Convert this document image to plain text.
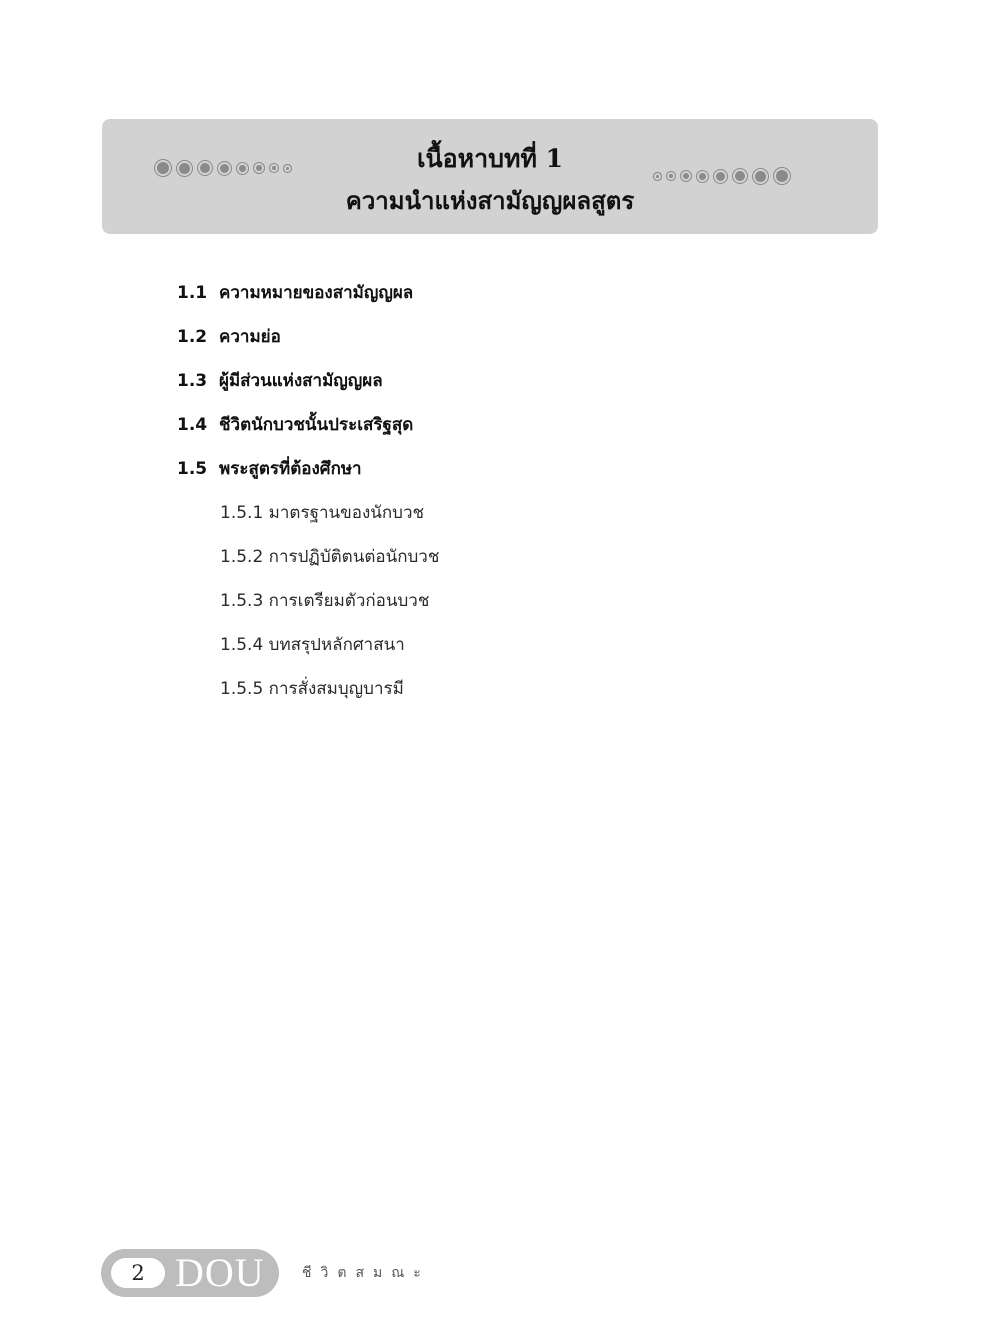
เนื้อหาบทที่ 1
ความนำแห่งสามัญญผลสูตร
1.1 ความหมายของสามัญญผล
1.2 ความย่อ
1.3 ผู้มีส่วนแห่งสามัญญผล
1.4 ชีวิตนักบวชนั้นประเสริฐสุด
1.5 พระสูตรที่ต้องศึกษา
1.5.1 มาตรฐานของนักบวช
1.5.2 การปฏิบัติตนต่อนักบวช
1.5.3 การเตรียมตัวก่อนบวช
1.5.4 บทสรุปหลักศาสนา
1.5.5 การสั่งสมบุญบารมี
2 DOU	ชีวิตสมณะ
